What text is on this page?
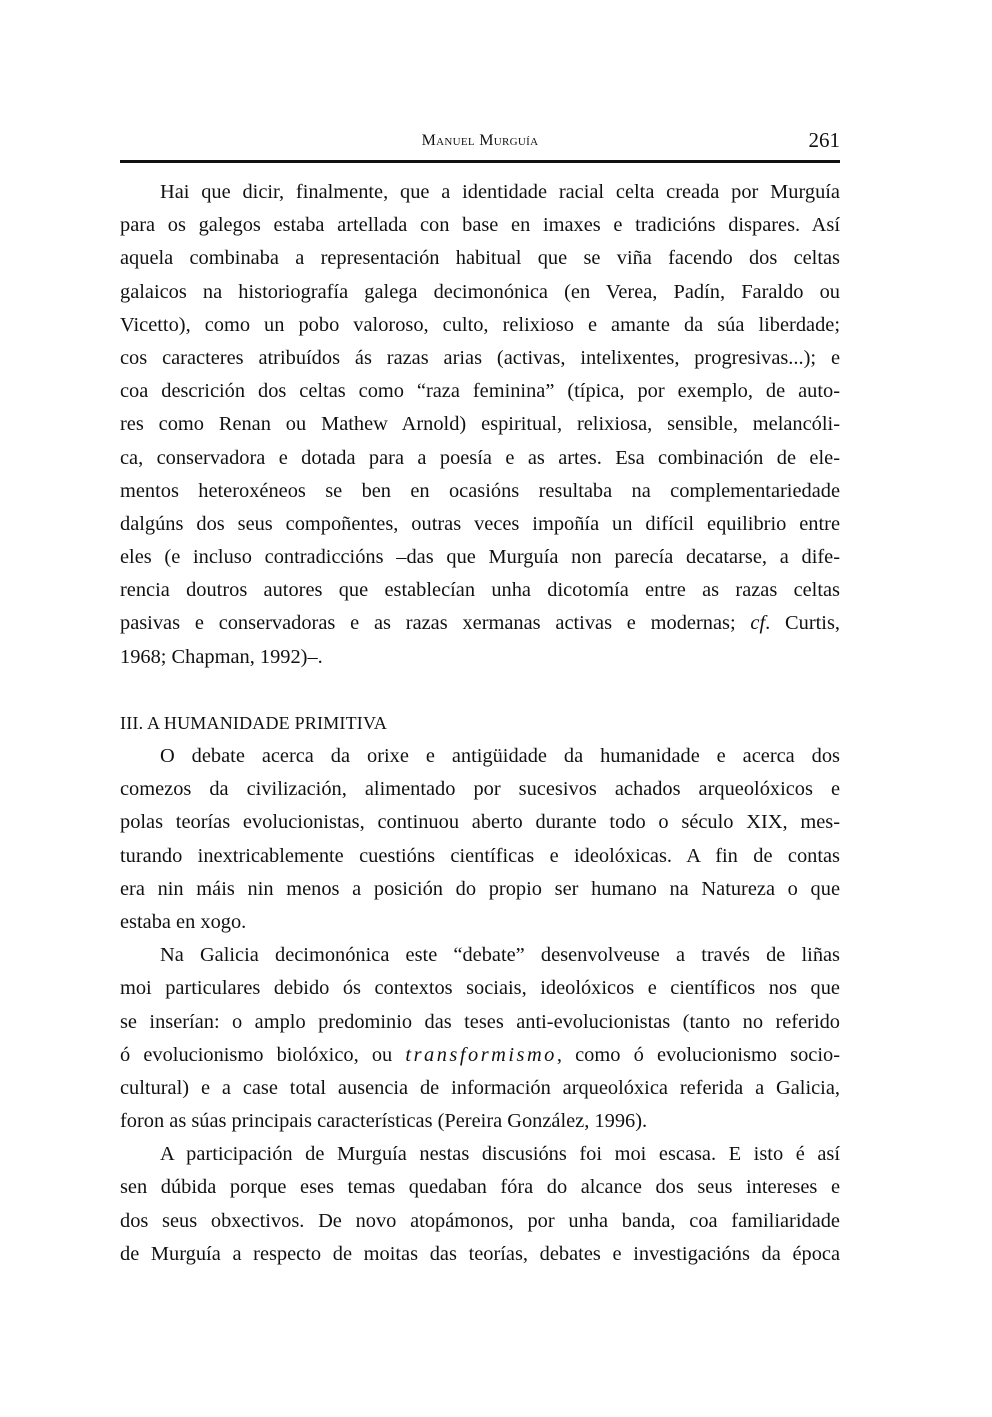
Manuel Murguía	261
Hai que dicir, finalmente, que a identidade racial celta creada por Murguía
para os galegos estaba artellada con base en imaxes e tradicións dispares. Así
aquela combinaba a representación habitual que se viña facendo dos celtas
galaicos na historiografía galega decimonónica (en Verea, Padín, Faraldo ou
Vicetto), como un pobo valoroso, culto, relixioso e amante da súa liberdade;
cos caracteres atribuídos ás razas arias (activas, intelixentes, progresivas...); e
coa descrición dos celtas como “raza feminina” (típica, por exemplo, de auto-
res como Renan ou Mathew Arnold) espiritual, relixiosa, sensible, melancóli-
ca, conservadora e dotada para a poesía e as artes. Esa combinación de ele-
mentos heteroxéneos se ben en ocasións resultaba na complementariedade
dalgúns dos seus compoñentes, outras veces impoñía un difícil equilibrio entre
eles (e incluso contradiccións –das que Murguía non parecía decatarse, a dife-
rencia doutros autores que establecían unha dicotomía entre as razas celtas
pasivas e conservadoras e as razas xermanas activas e modernas; cf. Curtis,
1968; Chapman, 1992)–.
III. A HUMANIDADE PRIMITIVA
O debate acerca da orixe e antigüidade da humanidade e acerca dos
comezos da civilización, alimentado por sucesivos achados arqueolóxicos e
polas teorías evolucionistas, continuou aberto durante todo o século XIX, mes-
turando inextricablemente cuestións científicas e ideolóxicas. A fin de contas
era nin máis nin menos a posición do propio ser humano na Natureza o que
estaba en xogo.
Na Galicia decimonónica este “debate” desenvolveuse a través de liñas
moi particulares debido ós contextos sociais, ideolóxicos e científicos nos que
se inserían: o amplo predominio das teses anti-evolucionistas (tanto no referido
ó evolucionismo biolóxico, ou transformismo, como ó evolucionismo socio-
cultural) e a case total ausencia de información arqueolóxica referida a Galicia,
foron as súas principais características (Pereira González, 1996).
A participación de Murguía nestas discusións foi moi escasa. E isto é así
sen dúbida porque eses temas quedaban fóra do alcance dos seus intereses e
dos seus obxectivos. De novo atopámonos, por unha banda, coa familiaridade
de Murguía a respecto de moitas das teorías, debates e investigacións da época
